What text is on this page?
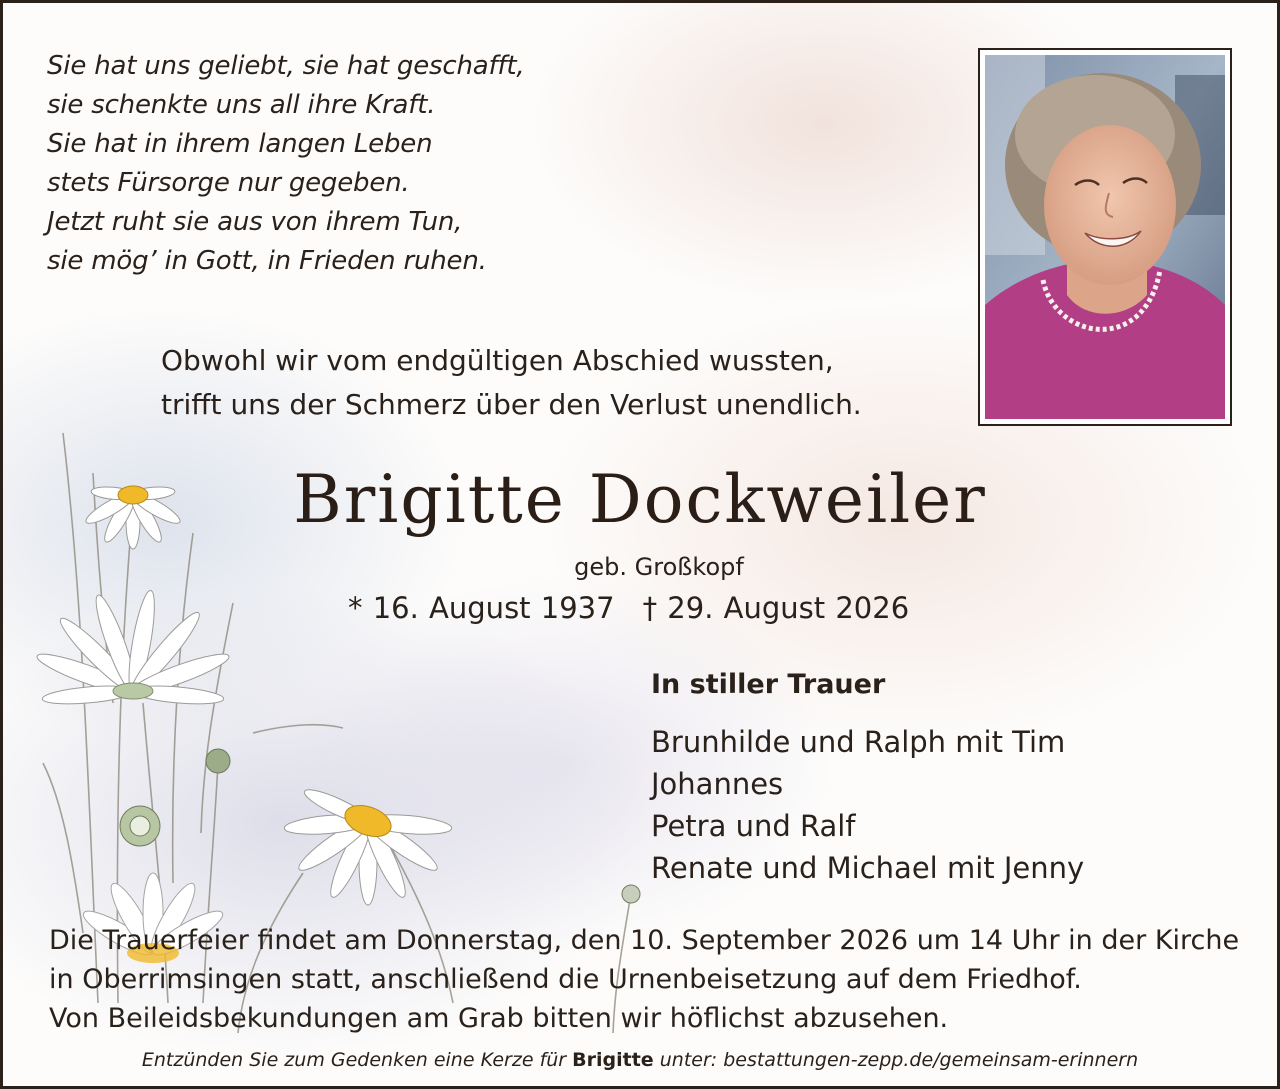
Sie hat uns geliebt, sie hat geschafft,
sie schenkte uns all ihre Kraft.
Sie hat in ihrem langen Leben
stets Fürsorge nur gegeben.
Jetzt ruht sie aus von ihrem Tun,
sie mög’ in Gott, in Frieden ruhen.
Obwohl wir vom endgültigen Abschied wussten,
trifft uns der Schmerz über den Verlust unendlich.
Brigitte Dockweiler
geb. Großkopf
* 16. August 1937 † 29. August 2026
In stiller Trauer
Brunhilde und Ralph mit Tim
Johannes
Petra und Ralf
Renate und Michael mit Jenny
Die Trauerfeier findet am Donnerstag, den 10. September 2026 um 14 Uhr in der Kirche
in Oberrimsingen statt, anschließend die Urnenbeisetzung auf dem Friedhof.
Von Beileidsbekundungen am Grab bitten wir höflichst abzusehen.
Entzünden Sie zum Gedenken eine Kerze für Brigitte unter: bestattungen-zepp.de/gemeinsam-erinnern
